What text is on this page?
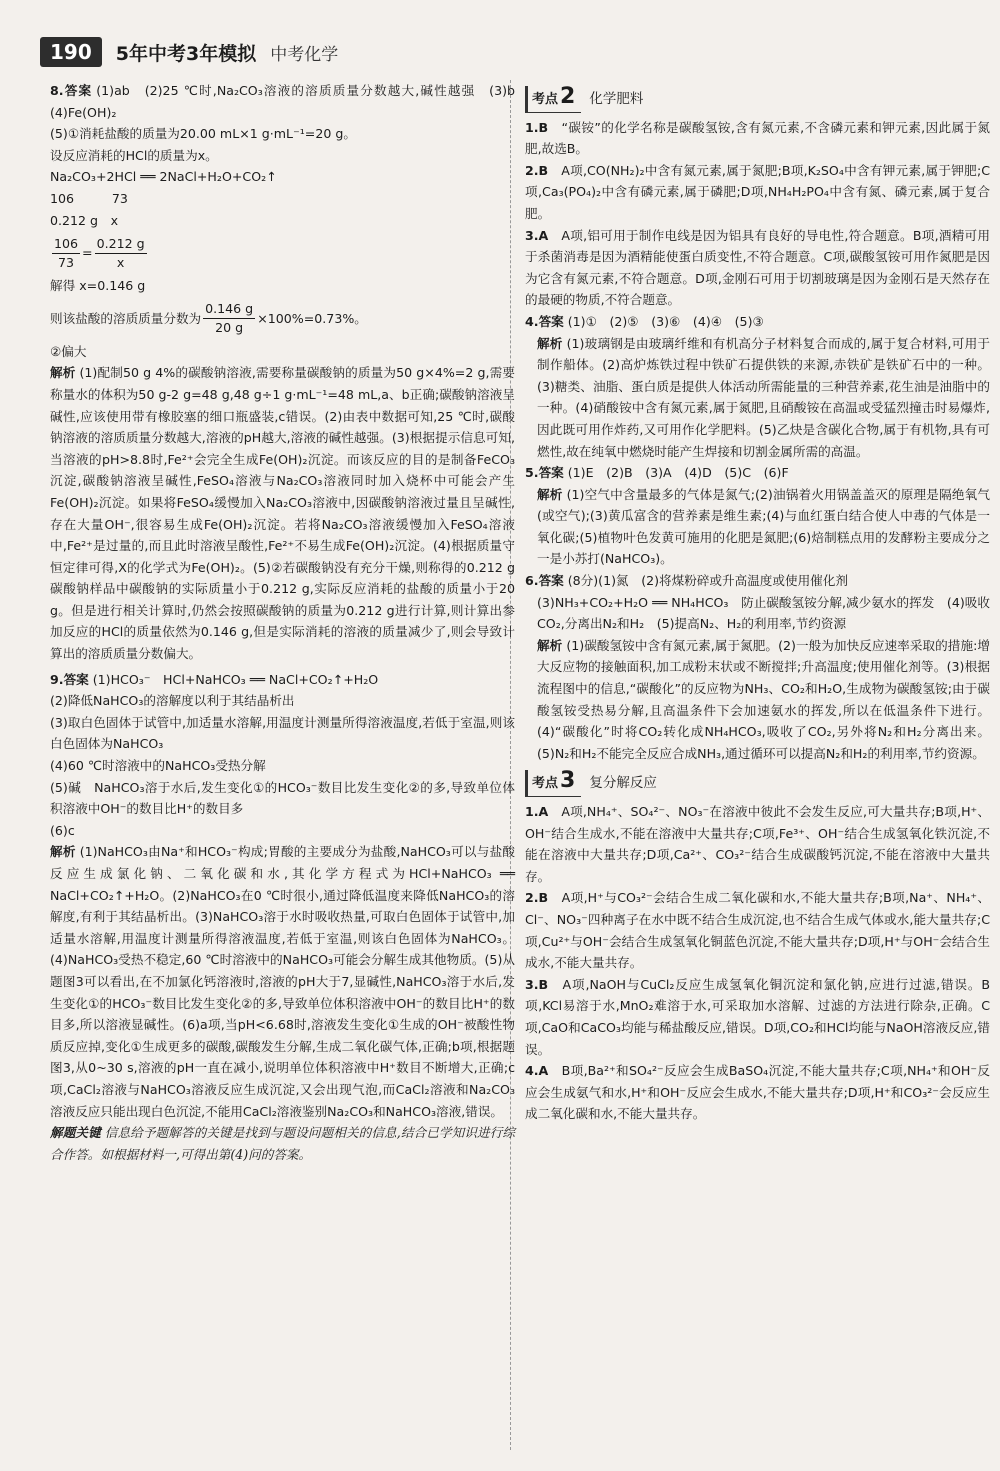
190	5年中考3年模拟 中考化学
8.答案 (1)ab　(2)25 ℃时,Na₂CO₃溶液的溶质质量分数越大,碱性越强　(3)b　(4)Fe(OH)₂
(5)①消耗盐酸的质量为20.00 mL×1 g·mL⁻¹=20 g。
设反应消耗的HCl的质量为x。
Na₂CO₃+2HCl ══ 2NaCl+H₂O+CO₂↑
106　　　73
0.212 g　x
$\frac{106}{73} = \frac{0.212 g}{x}$
解得 x=0.146 g
则该盐酸的溶质质量分数为 $\frac{0.146 g}{20 g} \times 100\%=0.73\%$。
②偏大
解析 (1)配制50 g 4%的碳酸钠溶液,需要称量碳酸钠的质量为50 g×4%=2 g,需要称量水的体积为50 g-2 g=48 g,48 g÷1 g·mL⁻¹=48 mL,a、b正确;碳酸钠溶液呈碱性,应该使用带有橡胶塞的细口瓶盛装,c错误。(2)由表中数据可知,25 ℃时,碳酸钠溶液的溶质质量分数越大,溶液的pH越大,溶液的碱性越强。(3)根据提示信息可知,当溶液的pH>8.8时,Fe²⁺会完全生成Fe(OH)₂沉淀。而该反应的目的是制备FeCO₃沉淀,碳酸钠溶液呈碱性,FeSO₄溶液与Na₂CO₃溶液同时加入烧杯中可能会产生Fe(OH)₂沉淀。如果将FeSO₄缓慢加入Na₂CO₃溶液中,因碳酸钠溶液过量且呈碱性,存在大量OH⁻,很容易生成Fe(OH)₂沉淀。若将Na₂CO₃溶液缓慢加入FeSO₄溶液中,Fe²⁺是过量的,而且此时溶液呈酸性,Fe²⁺不易生成Fe(OH)₂沉淀。(4)根据质量守恒定律可得,X的化学式为Fe(OH)₂。(5)②若碳酸钠没有充分干燥,则称得的0.212 g碳酸钠样品中碳酸钠的实际质量小于0.212 g,实际反应消耗的盐酸的质量小于20 g。但是进行相关计算时,仍然会按照碳酸钠的质量为0.212 g进行计算,则计算出参加反应的HCl的质量依然为0.146 g,但是实际消耗的溶液的质量减少了,则会导致计算出的溶质质量分数偏大。
9.答案 (1)HCO₃⁻　HCl+NaHCO₃ ══ NaCl+CO₂↑+H₂O
(2)降低NaHCO₃的溶解度以利于其结晶析出
(3)取白色固体于试管中,加适量水溶解,用温度计测量所得溶液温度,若低于室温,则该白色固体为NaHCO₃
(4)60 ℃时溶液中的NaHCO₃受热分解
(5)碱　NaHCO₃溶于水后,发生变化①的HCO₃⁻数目比发生变化②的多,导致单位体积溶液中OH⁻的数目比H⁺的数目多
(6)c
解析 (1)NaHCO₃由Na⁺和HCO₃⁻构成;胃酸的主要成分为盐酸,NaHCO₃可以与盐酸反应生成氯化钠、二氧化碳和水,其化学方程式为HCl+NaHCO₃ ══ NaCl+CO₂↑+H₂O。(2)NaHCO₃在0 ℃时很小,通过降低温度来降低NaHCO₃的溶解度,有利于其结晶析出。(3)NaHCO₃溶于水时吸收热量,可取白色固体于试管中,加适量水溶解,用温度计测量所得溶液温度,若低于室温,则该白色固体为NaHCO₃。(4)NaHCO₃受热不稳定,60 ℃时溶液中的NaHCO₃可能会分解生成其他物质。(5)从题图3可以看出,在不加氯化钙溶液时,溶液的pH大于7,显碱性,NaHCO₃溶于水后,发生变化①的HCO₃⁻数目比发生变化②的多,导致单位体积溶液中OH⁻的数目比H⁺的数目多,所以溶液显碱性。(6)a项,当pH<6.68时,溶液发生变化①生成的OH⁻被酸性物质反应掉,变化①生成更多的碳酸,碳酸发生分解,生成二氧化碳气体,正确;b项,根据题图3,从0~30 s,溶液的pH一直在减小,说明单位体积溶液中H⁺数目不断增大,正确;c项,CaCl₂溶液与NaHCO₃溶液反应生成沉淀,又会出现气泡,而CaCl₂溶液和Na₂CO₃溶液反应只能出现白色沉淀,不能用CaCl₂溶液鉴别Na₂CO₃和NaHCO₃溶液,错误。
解题关键 信息给予题解答的关键是找到与题设问题相关的信息,结合已学知识进行综合作答。如根据材料一,可得出第(4)问的答案。
考点 2 化学肥料
1.B　 “碳铵”的化学名称是碳酸氢铵,含有氮元素,不含磷元素和钾元素,因此属于氮肥,故选B。
2.B　 A项,CO(NH₂)₂中含有氮元素,属于氮肥;B项,K₂SO₄中含有钾元素,属于钾肥;C项,Ca₃(PO₄)₂中含有磷元素,属于磷肥;D项,NH₄H₂PO₄中含有氮、磷元素,属于复合肥。
3.A　 A项,铝可用于制作电线是因为铝具有良好的导电性,符合题意。B项,酒精可用于杀菌消毒是因为酒精能使蛋白质变性,不符合题意。C项,碳酸氢铵可用作氮肥是因为它含有氮元素,不符合题意。D项,金刚石可用于切割玻璃是因为金刚石是天然存在的最硬的物质,不符合题意。
4.答案 (1)①　(2)⑤　(3)⑥　(4)④　(5)③
解析 (1)玻璃钢是由玻璃纤维和有机高分子材料复合而成的,属于复合材料,可用于制作船体。(2)高炉炼铁过程中铁矿石提供铁的来源,赤铁矿是铁矿石中的一种。(3)糖类、油脂、蛋白质是提供人体活动所需能量的三种营养素,花生油是油脂中的一种。(4)硝酸铵中含有氮元素,属于氮肥,且硝酸铵在高温或受猛烈撞击时易爆炸,因此既可用作炸药,又可用作化学肥料。(5)乙炔是含碳化合物,属于有机物,具有可燃性,故在纯氧中燃烧时能产生焊接和切割金属所需的高温。
5.答案 (1)E　(2)B　(3)A　(4)D　(5)C　(6)F
解析 (1)空气中含量最多的气体是氮气;(2)油锅着火用锅盖盖灭的原理是隔绝氧气(或空气);(3)黄瓜富含的营养素是维生素;(4)与血红蛋白结合使人中毒的气体是一氧化碳;(5)植物叶色发黄可施用的化肥是氮肥;(6)焙制糕点用的发酵粉主要成分之一是小苏打(NaHCO₃)。
6.答案 (8分)(1)氮　(2)将煤粉碎或升高温度或使用催化剂
(3)NH₃+CO₂+H₂O ══ NH₄HCO₃　防止碳酸氢铵分解,减少氨水的挥发　(4)吸收CO₂,分离出N₂和H₂　(5)提高N₂、H₂的利用率,节约资源
解析 (1)碳酸氢铵中含有氮元素,属于氮肥。(2)一般为加快反应速率采取的措施:增大反应物的接触面积,加工成粉末状或不断搅拌;升高温度;使用催化剂等。(3)根据流程图中的信息,“碳酸化”的反应物为NH₃、CO₂和H₂O,生成物为碳酸氢铵;由于碳酸氢铵受热易分解,且高温条件下会加速氨水的挥发,所以在低温条件下进行。(4)“碳酸化”时将CO₂转化成NH₄HCO₃,吸收了CO₂,另外将N₂和H₂分离出来。(5)N₂和H₂不能完全反应合成NH₃,通过循环可以提高N₂和H₂的利用率,节约资源。
考点 3 复分解反应
1.A　 A项,NH₄⁺、SO₄²⁻、NO₃⁻在溶液中彼此不会发生反应,可大量共存;B项,H⁺、OH⁻结合生成水,不能在溶液中大量共存;C项,Fe³⁺、OH⁻结合生成氢氧化铁沉淀,不能在溶液中大量共存;D项,Ca²⁺、CO₃²⁻结合生成碳酸钙沉淀,不能在溶液中大量共存。
2.B　 A项,H⁺与CO₃²⁻会结合生成二氧化碳和水,不能大量共存;B项,Na⁺、NH₄⁺、Cl⁻、NO₃⁻四种离子在水中既不结合生成沉淀,也不结合生成气体或水,能大量共存;C项,Cu²⁺与OH⁻会结合生成氢氧化铜蓝色沉淀,不能大量共存;D项,H⁺与OH⁻会结合生成水,不能大量共存。
3.B　 A项,NaOH与CuCl₂反应生成氢氧化铜沉淀和氯化钠,应进行过滤,错误。B项,KCl易溶于水,MnO₂难溶于水,可采取加水溶解、过滤的方法进行除杂,正确。C项,CaO和CaCO₃均能与稀盐酸反应,错误。D项,CO₂和HCl均能与NaOH溶液反应,错误。
4.A　 B项,Ba²⁺和SO₄²⁻反应会生成BaSO₄沉淀,不能大量共存;C项,NH₄⁺和OH⁻反应会生成氨气和水,H⁺和OH⁻反应会生成水,不能大量共存;D项,H⁺和CO₃²⁻会反应生成二氧化碳和水,不能大量共存。
